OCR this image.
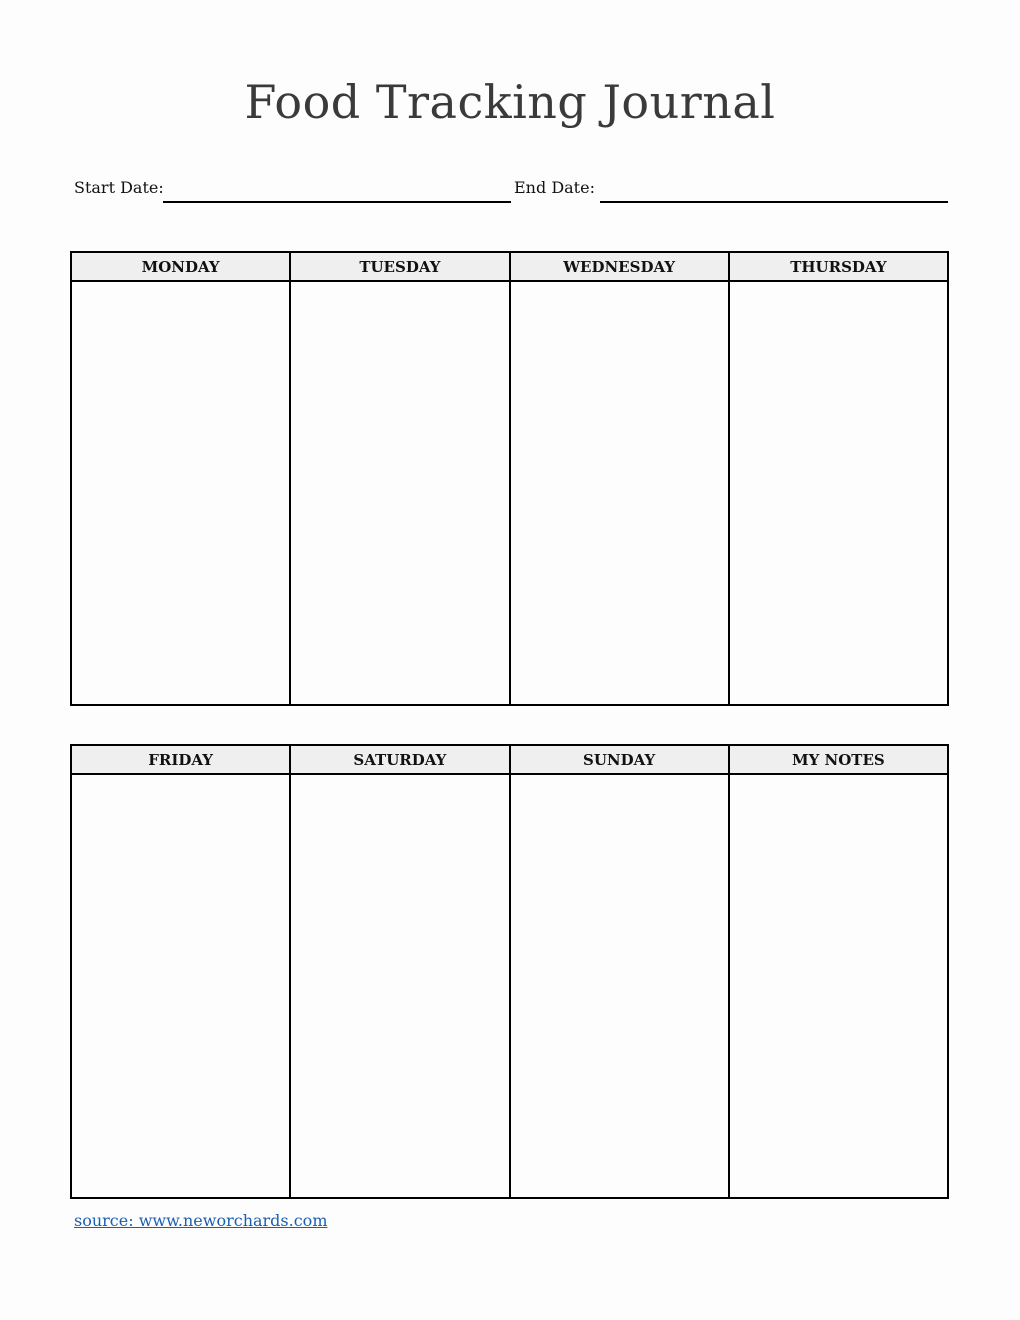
Food Tracking Journal
Start Date:	End Date:
MONDAY	TUESDAY	WEDNESDAY	THURSDAY

FRIDAY	SATURDAY	SUNDAY	MY NOTES

source: www.neworchards.com
